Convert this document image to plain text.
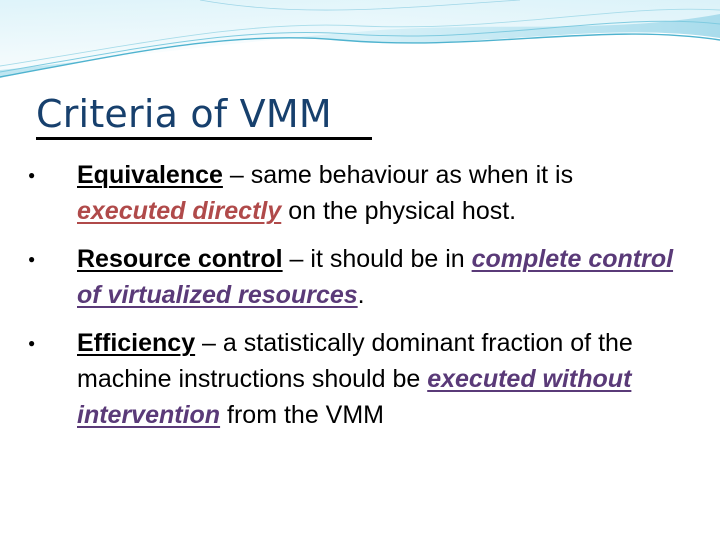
Criteria of VMM
● Equivalence – same behaviour as when it is executed directly on the physical host.
● Resource control – it should be in complete control of virtualized resources.
● Efficiency – a statistically dominant fraction of the machine instructions should be executed without intervention from the VMM
